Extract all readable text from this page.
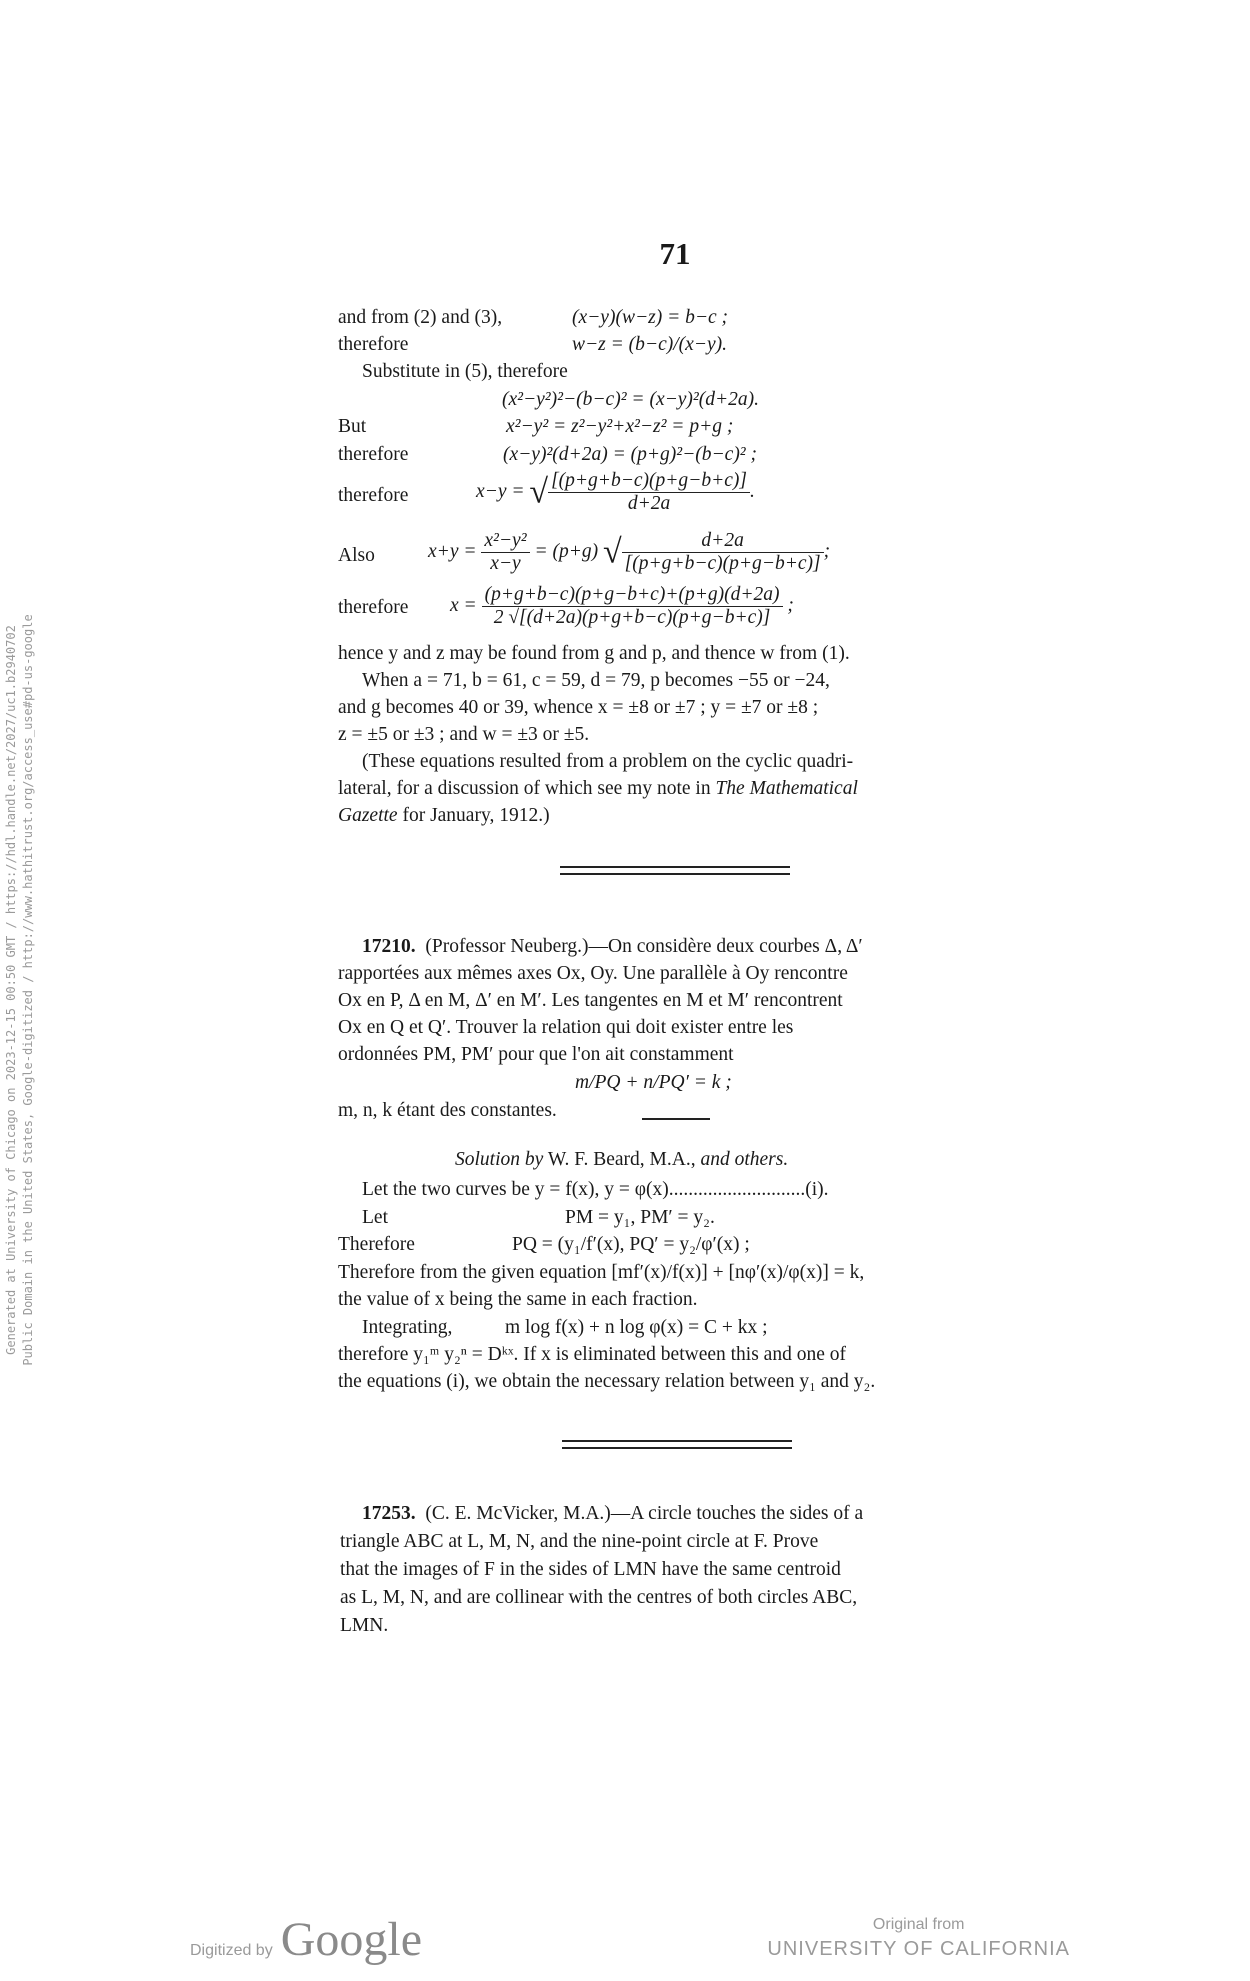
Generated at University of Chicago on 2023-12-15 00:50 GMT / https://hdl.handle.net/2027/uc1.b2940702 Public Domain in the United States, Google-digitized / http://www.hathitrust.org/access_use#pd-us-google
71
and from (2) and (3),	(x−y)(w−z) = b−c ;
therefore	w−z = (b−c)/(x−y).
Substitute in (5), therefore
(x²−y²)²−(b−c)² = (x−y)²(d+2a).
But	x²−y² = z²−y²+x²−z² = p+g ;
therefore	(x−y)²(d+2a) = (p+g)²−(b−c)² ;
therefore	x−y = √ $\frac{[(p+g+b-c)(p+g-b+c)]}{d+2a}$ .
Also	$x+y = \frac{\text{x²−y²}}{x-y} = (p+g)$ √ $\frac{d+2a}{[(p+g+b-c)(p+g-b+c)]}$ ;
therefore $x = \frac{(p+g+b-c)(p+g-b+c)+(p+g)(d+2a)}{2 √[(d+2a)(p+g+b-c)(p+g-b+c)]}$ ;
hence y and z may be found from g and p, and thence w from (1).
When a = 71, b = 61, c = 59, d = 79, p becomes −55 or −24,
and g becomes 40 or 39, whence x = ±8 or ±7 ; y = ±7 or ±8 ;
z = ±5 or ±3 ; and w = ±3 or ±5.
(These equations resulted from a problem on the cyclic quadri-
lateral, for a discussion of which see my note in The Mathematical
Gazette for January, 1912.)
17210. (Professor Neuberg.)—On considère deux courbes Δ, Δ′
rapportées aux mêmes axes Ox, Oy. Une parallèle à Oy rencontre
Ox en P, Δ en M, Δ′ en M′. Les tangentes en M et M′ rencontrent
Ox en Q et Q′. Trouver la relation qui doit exister entre les
ordonnées PM, PM′ pour que l'on ait constamment
m/PQ + n/PQ′ = k ;
m, n, k étant des constantes.
Solution by W. F. Beard, M.A., and others.
Let the two curves be y = f(x), y = φ(x)............................(i).
Let	PM = y₁, PM′ = y₂.
Therefore	PQ = (y₁/f′(x), PQ′ = y₂/φ′(x) ;
Therefore from the given equation [mf′(x)/f(x)] + [nφ′(x)/φ(x)] = k,
the value of x being the same in each fraction.
Integrating,	m log f(x) + n log φ(x) = C + kx ;
therefore y₁ᵐ y₂ⁿ = Dᵏˣ. If x is eliminated between this and one of
the equations (i), we obtain the necessary relation between y₁ and y₂.
17253. (C. E. McVicker, M.A.)—A circle touches the sides of a
triangle ABC at L, M, N, and the nine-point circle at F. Prove
that the images of F in the sides of LMN have the same centroid
as L, M, N, and are collinear with the centres of both circles ABC,
LMN.
Digitized by Google	Original from
UNIVERSITY OF CALIFORNIA
